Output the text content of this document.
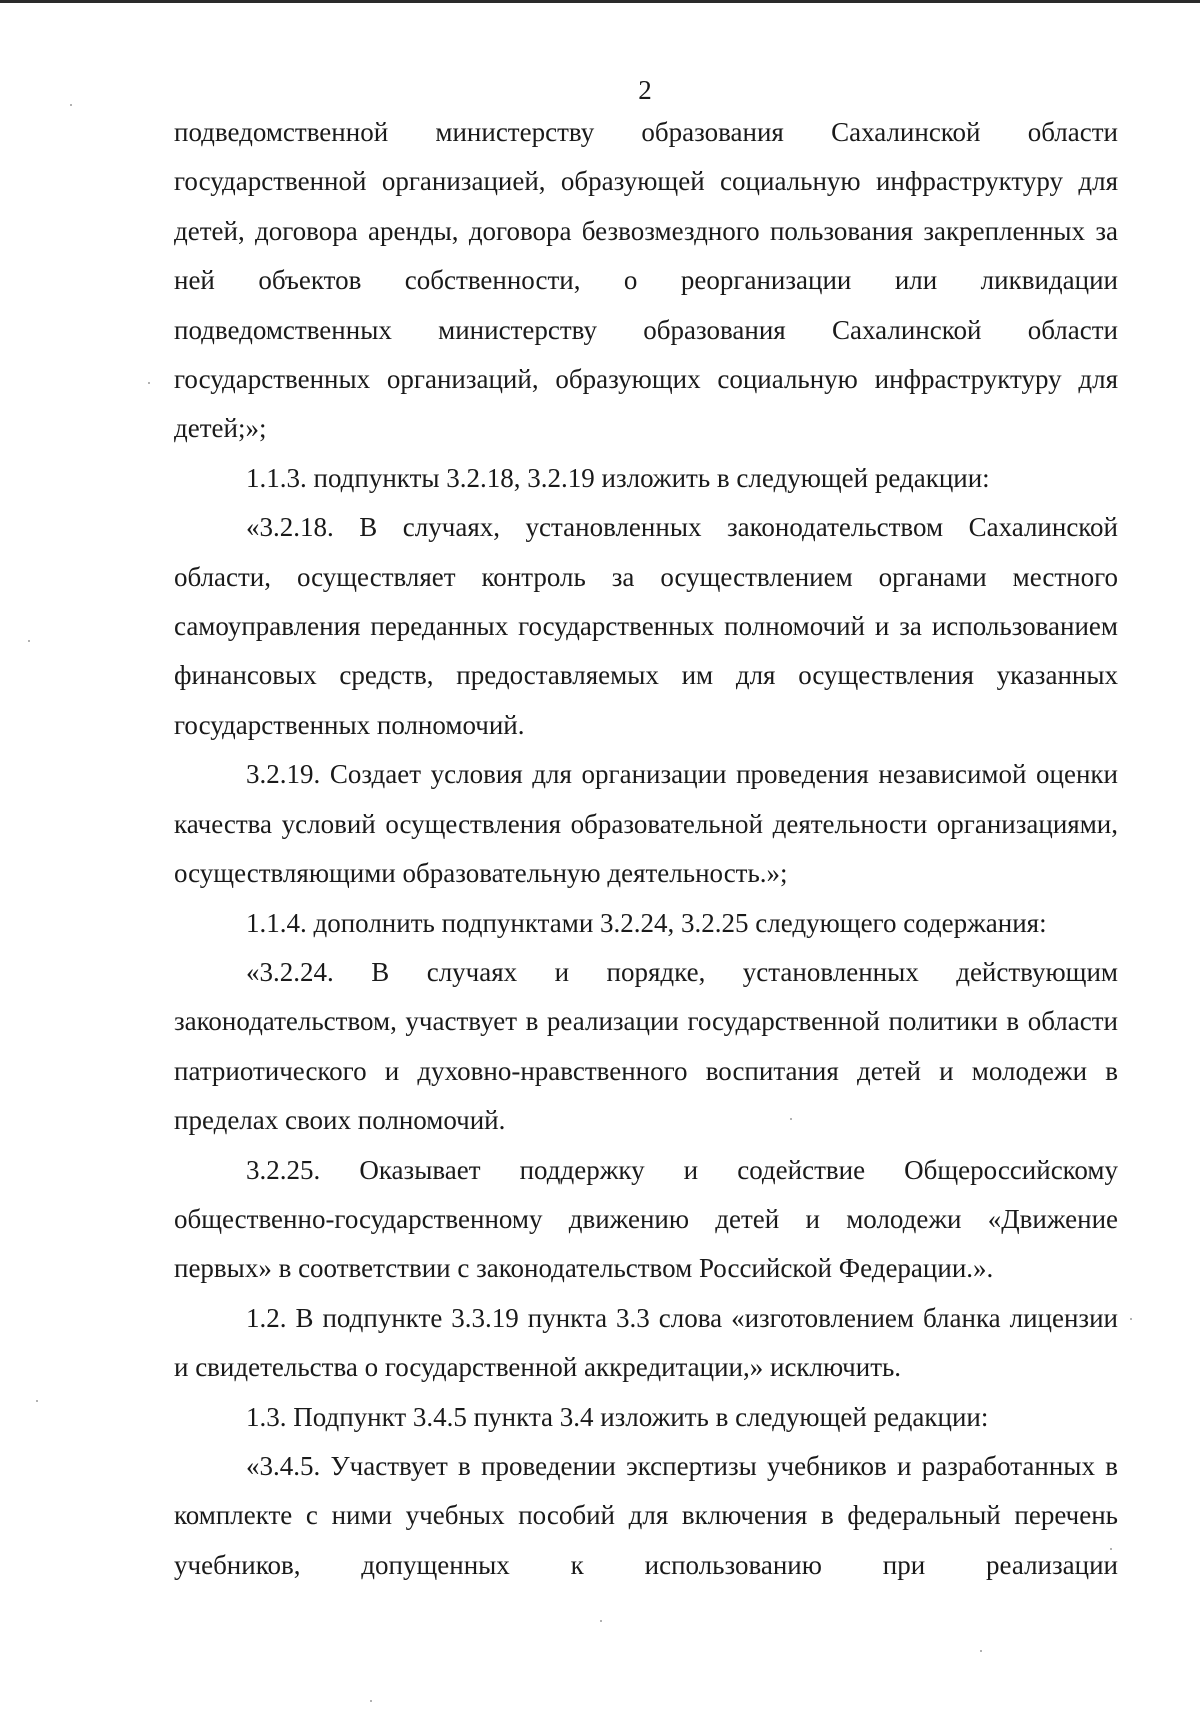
2

подведомственной министерству образования Сахалинской области государственной организацией, образующей социальную инфраструктуру для детей, договора аренды, договора безвозмездного пользования закрепленных за ней объектов собственности, о реорганизации или ликвидации подведомственных министерству образования Сахалинской области государственных организаций, образующих социальную инфраструктуру для детей;»;

1.1.3. подпункты 3.2.18, 3.2.19 изложить в следующей редакции:

«3.2.18. В случаях, установленных законодательством Сахалинской области, осуществляет контроль за осуществлением органами местного самоуправления переданных государственных полномочий и за использованием финансовых средств, предоставляемых им для осуществления указанных государственных полномочий.

3.2.19. Создает условия для организации проведения независимой оценки качества условий осуществления образовательной деятельности организациями, осуществляющими образовательную деятельность.»;

1.1.4. дополнить подпунктами 3.2.24, 3.2.25 следующего содержания:

«3.2.24. В случаях и порядке, установленных действующим законодательством, участвует в реализации государственной политики в области патриотического и духовно-нравственного воспитания детей и молодежи в пределах своих полномочий.

3.2.25. Оказывает поддержку и содействие Общероссийскому общественно-государственному движению детей и молодежи «Движение первых» в соответствии с законодательством Российской Федерации.».

1.2. В подпункте 3.3.19 пункта 3.3 слова «изготовлением бланка лицензии и свидетельства о государственной аккредитации,» исключить.

1.3. Подпункт 3.4.5 пункта 3.4 изложить в следующей редакции:

«3.4.5. Участвует в проведении экспертизы учебников и разработанных в комплекте с ними учебных пособий для включения в федеральный перечень учебников, допущенных к использованию при реализации
